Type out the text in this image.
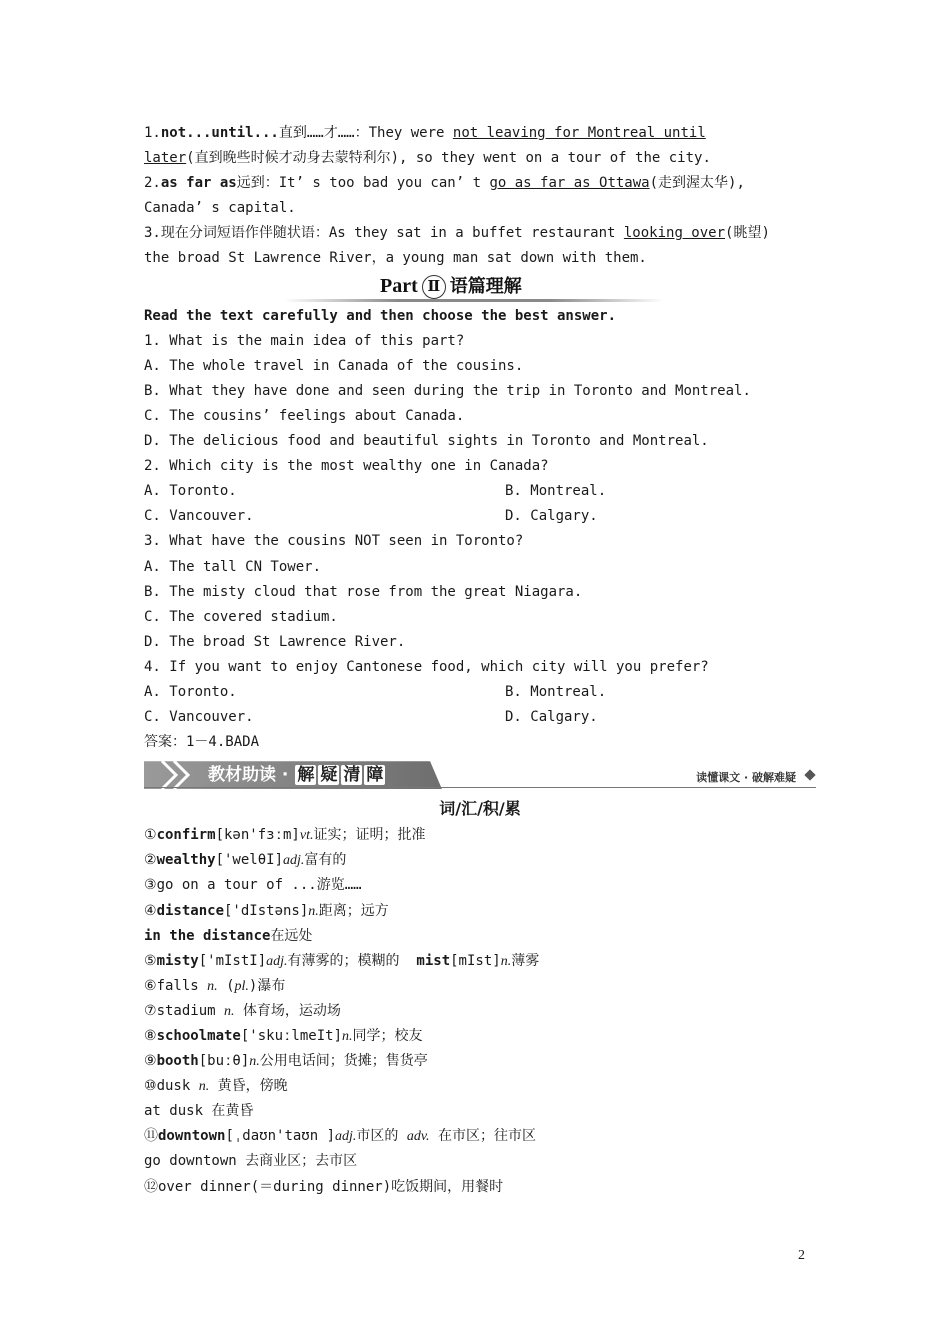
1.not...until...直到……才……：They were not leaving for Montreal until
later(直到晚些时候才动身去蒙特利尔), so they went on a tour of the city.
2.as far as远到：It’ s too bad you can’ t go as far as Ottawa(走到渥太华),
Canada’ s capital.
3.现在分词短语作伴随状语：As they sat in a buffet restaurant looking over(眺望)
the broad St Lawrence River，a young man sat down with them.
Part Ⅱ 语篇理解
Read the text carefully and then choose the best answer.
1. What is the main idea of this part?
A. The whole travel in Canada of the cousins.
B. What they have done and seen during the trip in Toronto and Montreal.
C. The cousins’ feelings about Canada.
D. The delicious food and beautiful sights in Toronto and Montreal.
2. Which city is the most wealthy one in Canada?
A. Toronto.	B. Montreal.
C. Vancouver.	D. Calgary.
3. What have the cousins NOT seen in Toronto?
A. The tall CN Tower.
B. The misty cloud that rose from the great Niagara.
C. The covered stadium.
D. The broad St Lawrence River.
4. If you want to enjoy Cantonese food, which city will you prefer?
A. Toronto.	B. Montreal.
C. Vancouver.	D. Calgary.
答案：1－4.BADA
教材助读 · 解 疑 清 障	读懂课文 · 破解难疑
词/汇/积/累
①confirm[kən'fɜːm]vt.证实；证明；批准
②wealthy['welθI]adj.富有的
③go on a tour of ...游览……
④distance['dIstəns]n.距离；远方
in the distance在远处
⑤misty['mIstI]adj.有薄雾的；模糊的  mist[mIst]n.薄雾
⑥falls n. (pl.)瀑布
⑦stadium n. 体育场，运动场
⑧schoolmate['skuːlmeIt]n.同学；校友
⑨booth[buːθ]n.公用电话间；货摊；售货亭
⑩dusk n. 黄昏，傍晚
at dusk 在黄昏
⑪downtown[ˌdaʊn'taʊn ]adj.市区的 adv. 在市区；往市区
go downtown 去商业区；去市区
⑫over dinner(＝during dinner)吃饭期间，用餐时
2
